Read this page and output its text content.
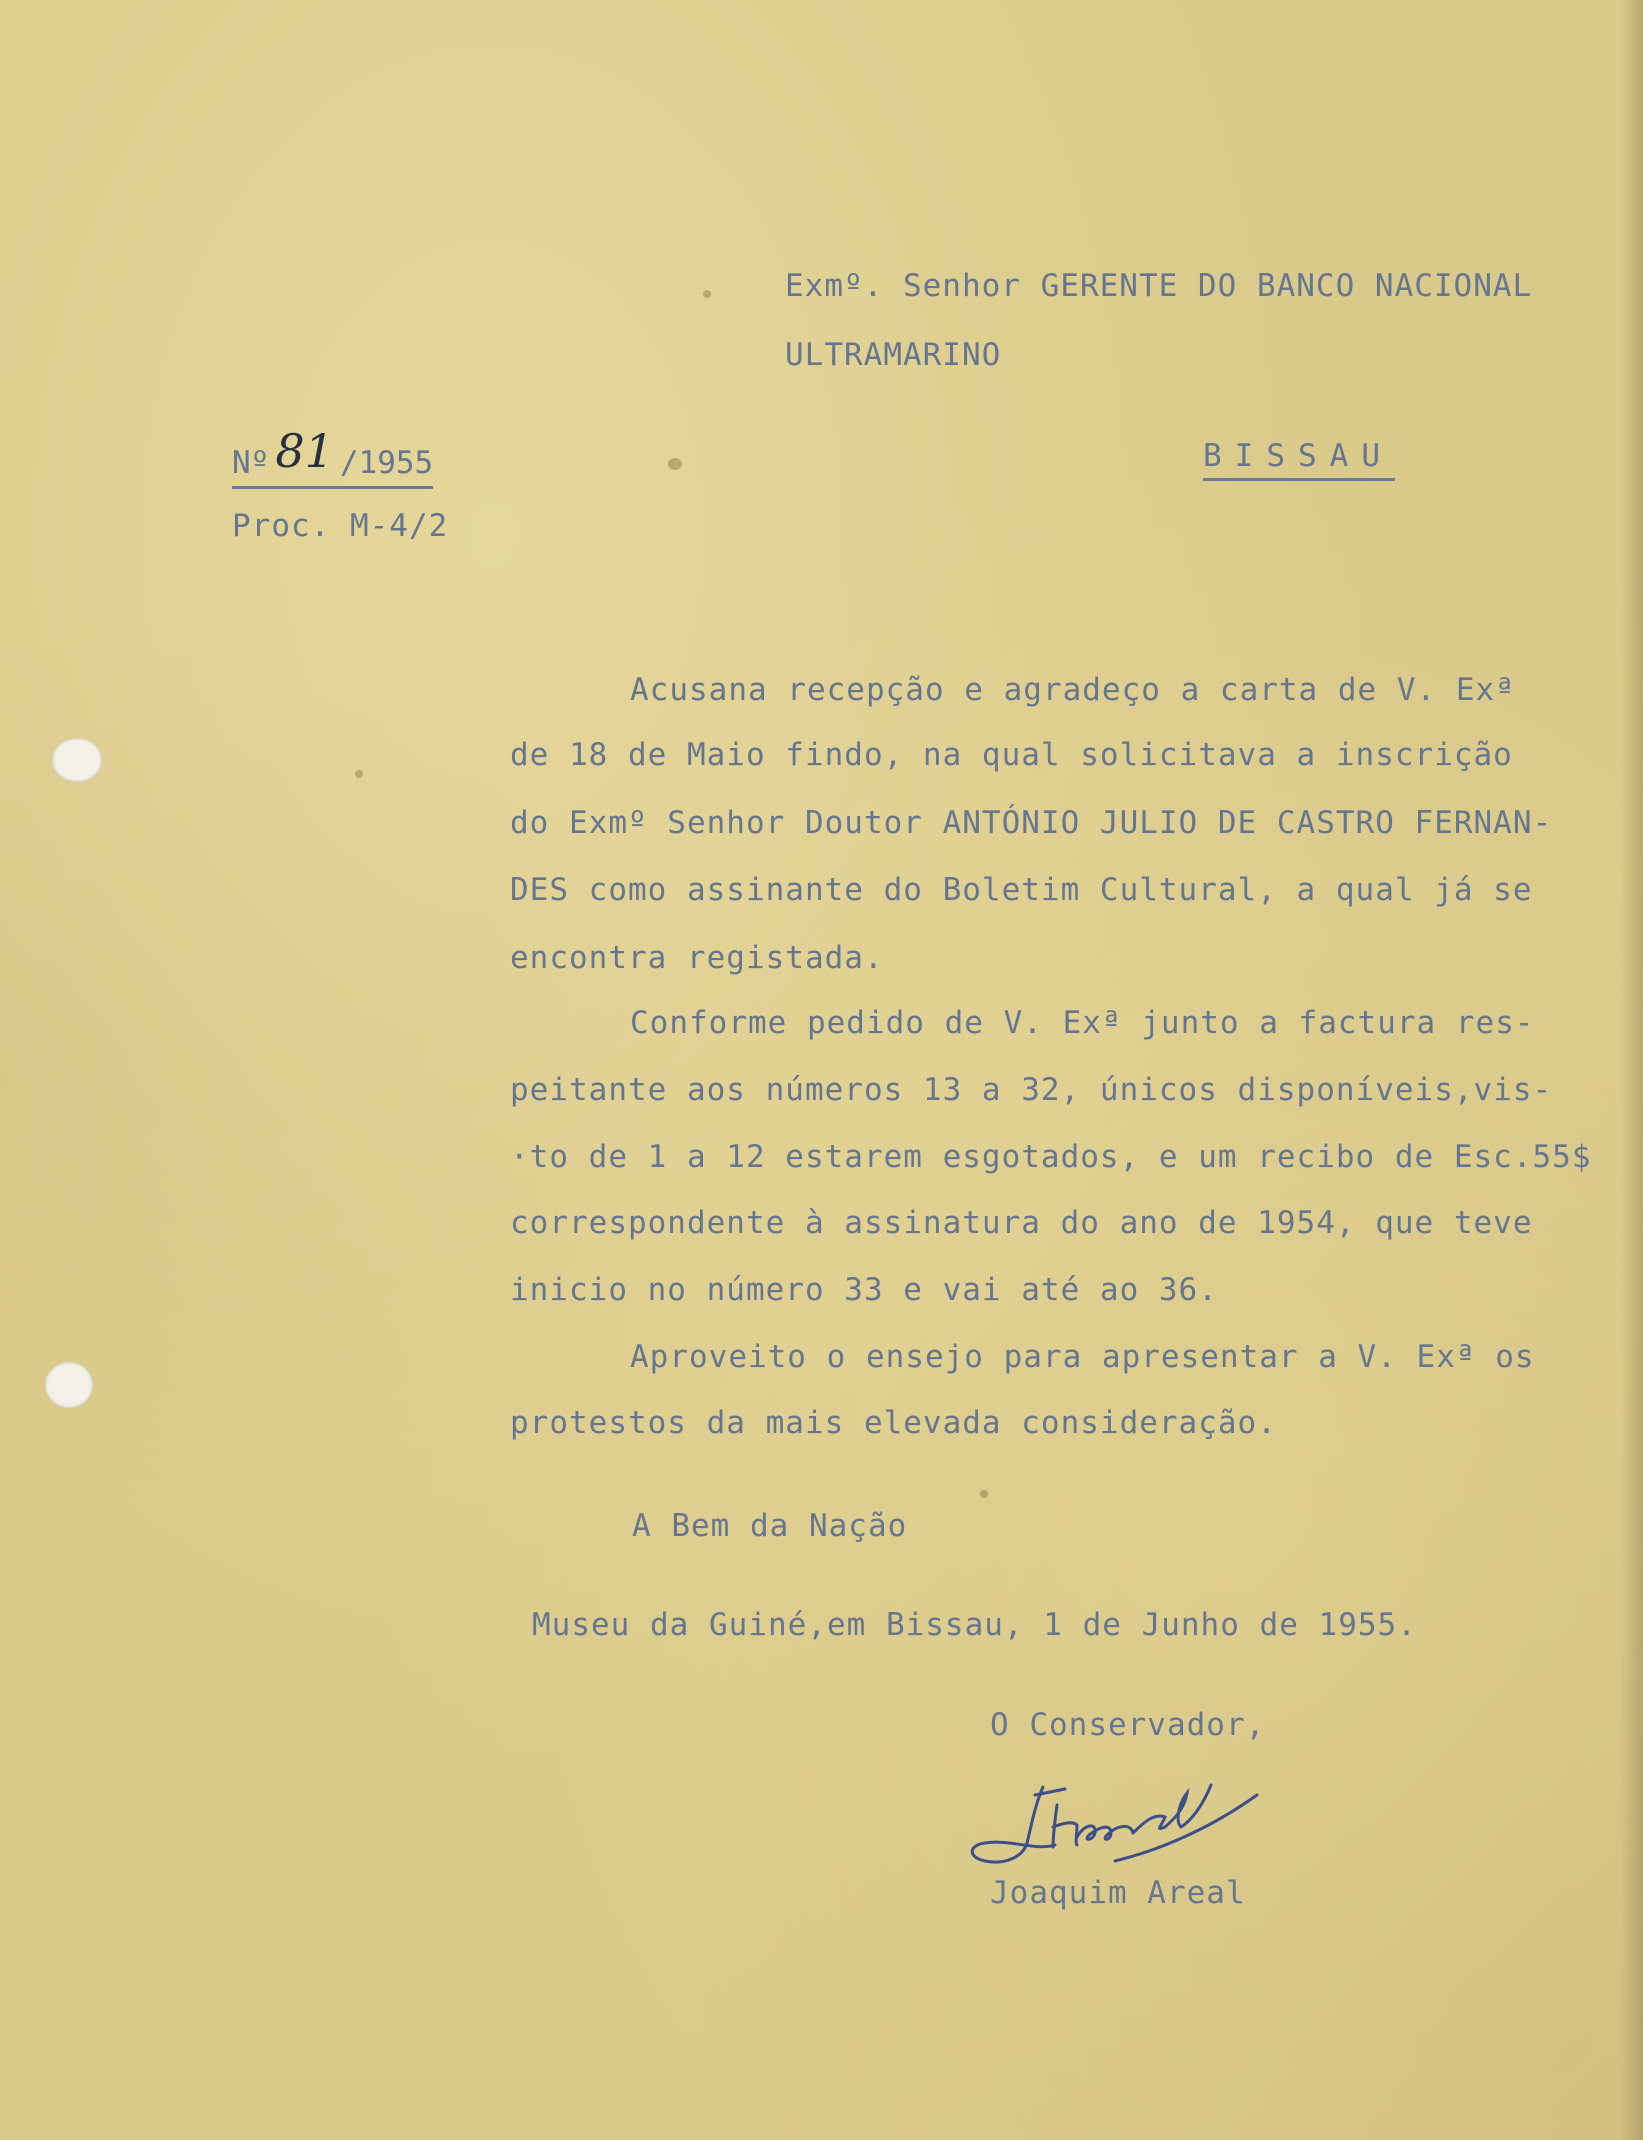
Exmº. Senhor GERENTE DO BANCO NACIONAL
ULTRAMARINO
Nº 81 /1955	BISSAU
Proc. M-4/2
Acusana recepção e agradeço a carta de V. Exª
de 18 de Maio findo, na qual solicitava a inscrição
do Exmº Senhor Doutor ANTÓNIO JULIO DE CASTRO FERNAN-
DES como assinante do Boletim Cultural, a qual já se
encontra registada.
Conforme pedido de V. Exª junto a factura res-
peitante aos números 13 a 32, únicos disponíveis,vis-
·to de 1 a 12 estarem esgotados, e um recibo de Esc.55$
correspondente à assinatura do ano de 1954, que teve
inicio no número 33 e vai até ao 36.
Aproveito o ensejo para apresentar a V. Exª os
protestos da mais elevada consideração.
A Bem da Nação
Museu da Guiné,em Bissau, 1 de Junho de 1955.
O Conservador,
Joaquim Areal
